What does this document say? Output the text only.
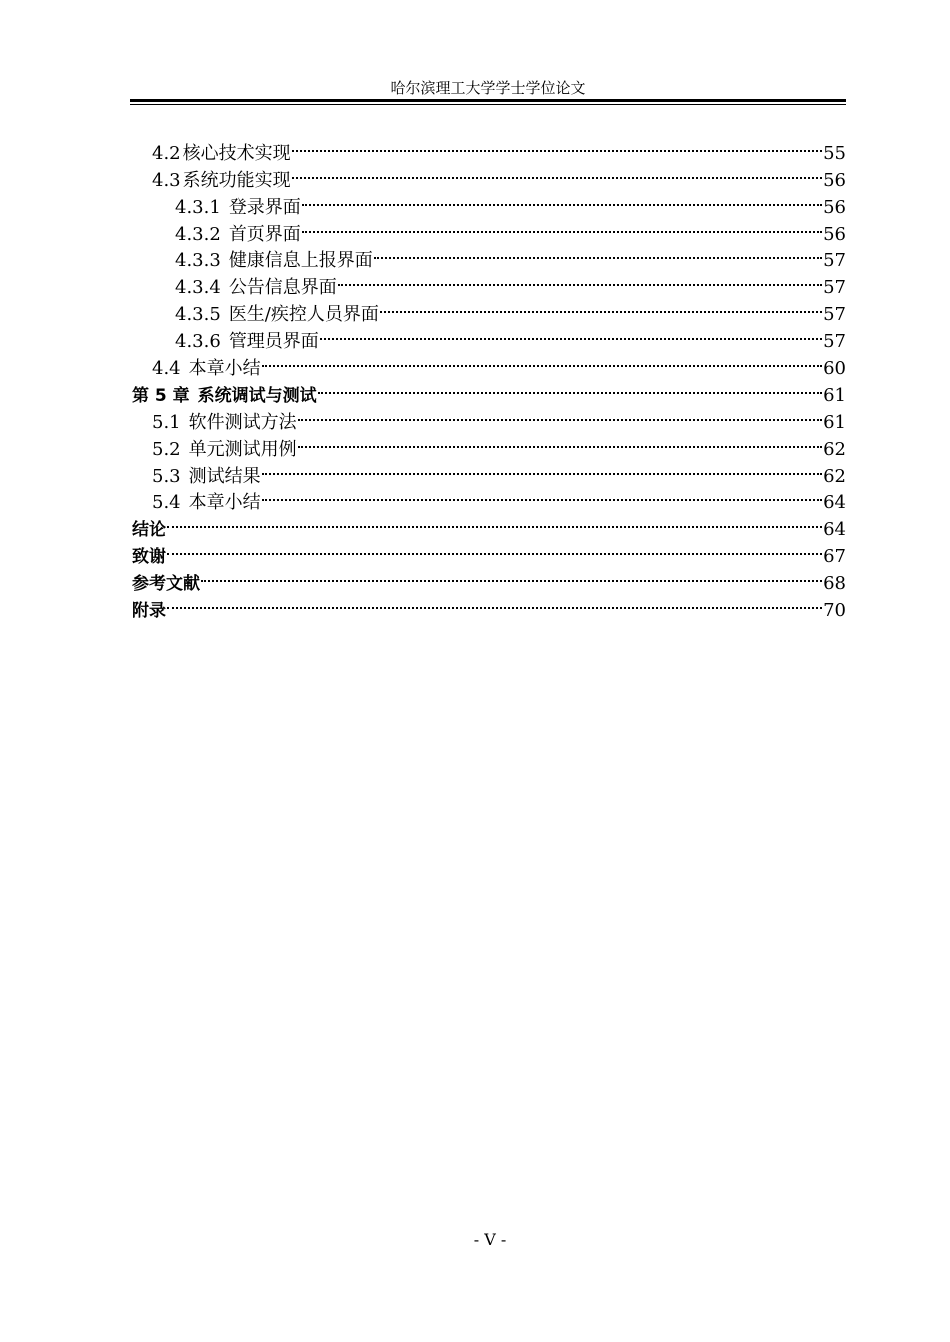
哈尔滨理工大学学士学位论文
4.2 核心技术实现	55
4.3 系统功能实现	56
4.3.1 登录界面	56
4.3.2 首页界面	56
4.3.3 健康信息上报界面	57
4.3.4 公告信息界面	57
4.3.5 医生/疾控人员界面	57
4.3.6 管理员界面	57
4.4 本章小结	60
第 5 章 系统调试与测试	61
5.1 软件测试方法	61
5.2 单元测试用例	62
5.3 测试结果	62
5.4 本章小结	64
结论	64
致谢	67
参考文献	68
附录	70
- V -
